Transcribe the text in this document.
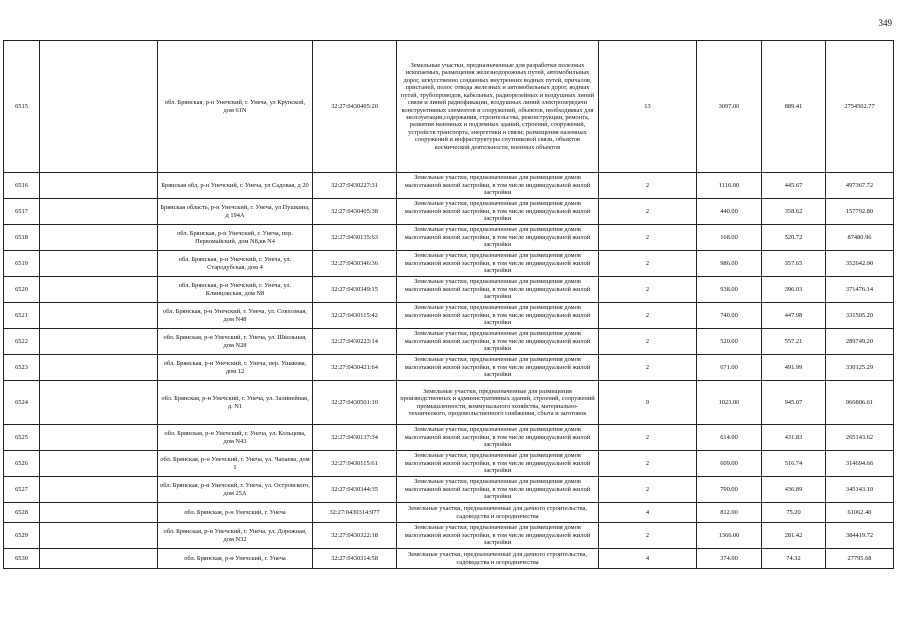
349
6515		обл. Брянская, р-н Унечский, г. Унеча, ул Крупской, дом 61N	32:27:0430405:20	Земельные участки, предназначенные для разработки полезных ископаемых, размещения железнодорожных путей, автомобильных дорог, искусственно созданных внутренних водных путей, причалов, пристаней, полос отвода железных и автомобильных дорог, водных путей, трубопроводов, кабельных, радиорелейных и воздушных линий связи и линий радиофикации, воздушных линий электропередачи конструктивных элементов и сооружений, объектов, необходимых для эксплуатации,содержания, строительства, реконструкции, ремонта, развития наземных и подземных зданий, строений, сооружений, устройств транспорта, энергетики и связи; размещения наземных сооружений и инфраструктуры спутниковой связи, объектов космической деятельности, военных объектов	13	3097.00	889.41	2754502.77
6516		Брянская обл, р-н Унечский, г. Унеча, ул Садовая, д 20	32:27:0430227:31	Земельные участки, предназначенные для размещения домов малоэтажной жилой застройки, в том числе индивидуальной жилой застройки	2	1116.00	445.67	497367.72
6517		Брянская область, р-н Унечский, г. Унеча, ул Пушкина, д 194А	32:27:0430405:38	Земельные участки, предназначенные для размещения домов малоэтажной жилой застройки, в том числе индивидуальной жилой застройки	2	440.00	358.62	157792.80
6518		обл. Брянская, р-н Унечский, г. Унеча, пер. Первомайский, дом N8,кв N4	32:27:0430135:63	Земельные участки, предназначенные для размещения домов малоэтажной жилой застройки, в том числе индивидуальной жилой застройки	2	168.00	520.72	87480.96
6519		обл. Брянская, р-н Унечский, г. Унеча, ул. Стародубская, дом 4	32:27:0430346:36	Земельные участки, предназначенные для размещения домов малоэтажной жилой застройки, в том числе индивидуальной жилой застройки	2	986.00	357.65	352642.90
6520		обл. Брянская, р-н Унечский, г. Унеча, ул. Клинцовская, дом N8	32:27:0430349:15	Земельные участки, предназначенные для размещения домов малоэтажной жилой застройки, в том числе индивидуальной жилой застройки	2	938.00	396.03	371476.14
6521		обл. Брянская, р-н Унечский, г. Унеча, ул. Совхозная, дом N48	32:27:0430115:42	Земельные участки, предназначенные для размещения домов малоэтажной жилой застройки, в том числе индивидуальной жилой застройки	2	740.00	447.98	331505.20
6522		обл. Брянская, р-н Унечский, г. Унеча, ул. Школьная, дом N28	32:27:0430223:14	Земельные участки, предназначенные для размещения домов малоэтажной жилой застройки, в том числе индивидуальной жилой застройки	2	520.00	557.21	289749.20
6523		обл. Брянская, р-н Унечский, г. Унеча, пер. Ушакова, дом 12	32:27:0430421:64	Земельные участки, предназначенные для размещения домов малоэтажной жилой застройки, в том числе индивидуальной жилой застройки	2	671.00	491.99	330125.29
6524		обл. Брянская, р-н Унечский, г. Унеча, ул. Залинейная, д. N1	32:27:0430501:10	Земельные участки, предназначенные для размещения производственных и административных зданий, строений, сооружений промышленности, коммунального хозяйства, материально-технического, продовольственного снабжения, сбыта и заготовок	9	1023.00	945.07	966806.61
6525		обл. Брянская, р-н Унечский, г. Унеча, ул. Кольцова, дом N43	32:27:0430137:34	Земельные участки, предназначенные для размещения домов малоэтажной жилой застройки, в том числе индивидуальной жилой застройки	2	614.00	431.83	265143.62
6526		обл. Брянская, р-н Унечский, г. Унеча, ул. Чапаева, дом 1	32:27:0430115:61	Земельные участки, предназначенные для размещения домов малоэтажной жилой застройки, в том числе индивидуальной жилой застройки	2	609.00	516.74	314694.66
6527		обл. Брянская, р-н Унечский, г. Унеча, ул. Островского, дом 25А	32:27:0430344:35	Земельные участки, предназначенные для размещения домов малоэтажной жилой застройки, в том числе индивидуальной жилой застройки	2	790.00	436.89	345143.10
6528		обл. Брянская, р-н Унечский, г. Унеча	32:27:0430314:977	Земельные участки, предназначенные для дачного строительства, садоводства и огородничества	4	812.00	75.20	61062.40
6529		обл. Брянская, р-н Унечский, г. Унеча, ул. Дорожная, дом N32	32:27:0430322:18	Земельные участки, предназначенные для размещения домов малоэтажной жилой застройки, в том числе индивидуальной жилой застройки	2	1366.00	281.42	384419.72
6530		обл. Брянская, р-н Унечский, г. Унеча	32:27:0430314:58	Земельные участки, предназначенные для дачного строительства, садоводства и огородничества	4	374.00	74.32	27795.68
